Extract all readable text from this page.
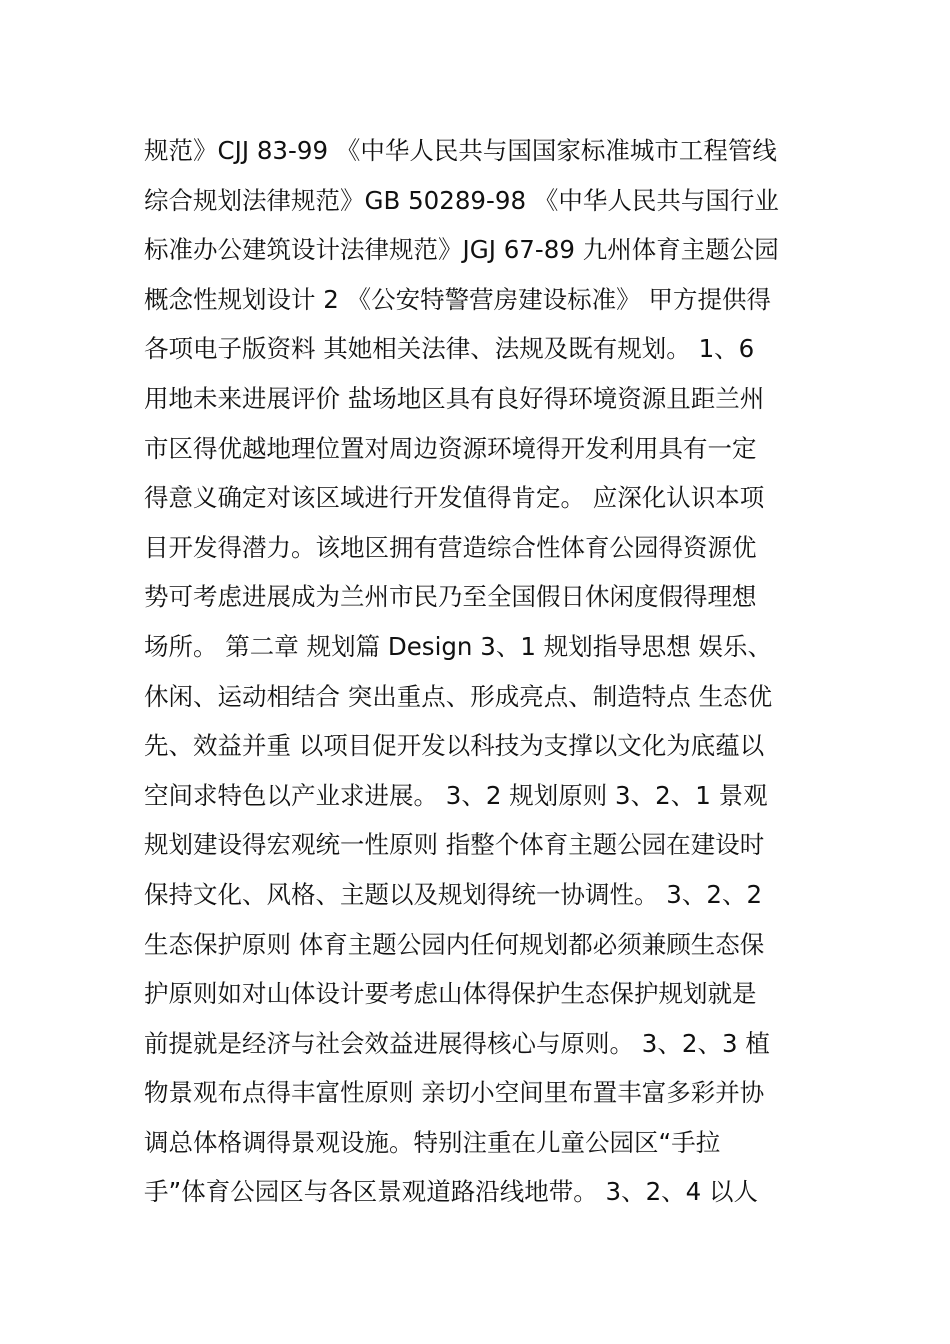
规范》CJJ 83-99 《中华人民共与国国家标准城市工程管线
综合规划法律规范》GB 50289-98 《中华人民共与国行业
标准办公建筑设计法律规范》JGJ 67-89 九州体育主题公园
概念性规划设计 2 《公安特警营房建设标准》 甲方提供得
各项电子版资料 其她相关法律、法规及既有规划。 1、6
用地未来进展评价 盐场地区具有良好得环境资源且距兰州
市区得优越地理位置对周边资源环境得开发利用具有一定
得意义确定对该区域进行开发值得肯定。 应深化认识本项
目开发得潜力。该地区拥有营造综合性体育公园得资源优
势可考虑进展成为兰州市民乃至全国假日休闲度假得理想
场所。 第二章 规划篇 Design 3、1 规划指导思想 娱乐、
休闲、运动相结合 突出重点、形成亮点、制造特点 生态优
先、效益并重 以项目促开发以科技为支撑以文化为底蕴以
空间求特色以产业求进展。 3、2 规划原则 3、2、1 景观
规划建设得宏观统一性原则 指整个体育主题公园在建设时
保持文化、风格、主题以及规划得统一协调性。 3、2、2
生态保护原则 体育主题公园内任何规划都必须兼顾生态保
护原则如对山体设计要考虑山体得保护生态保护规划就是
前提就是经济与社会效益进展得核心与原则。 3、2、3 植
物景观布点得丰富性原则 亲切小空间里布置丰富多彩并协
调总体格调得景观设施。特别注重在儿童公园区“手拉
手”体育公园区与各区景观道路沿线地带。 3、2、4 以人
